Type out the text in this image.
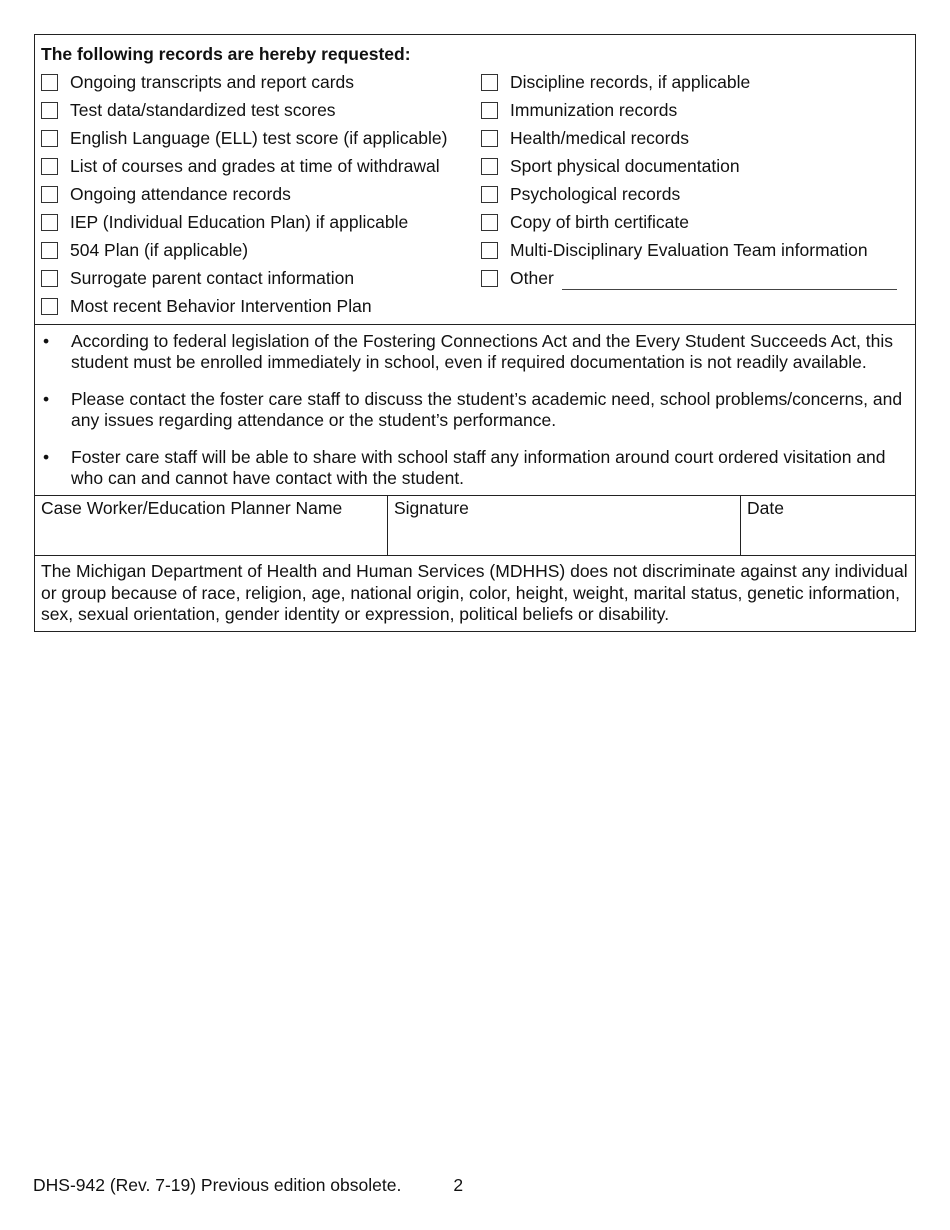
The following records are hereby requested:
Ongoing transcripts and report cards
Test data/standardized test scores
English Language (ELL) test score (if applicable)
List of courses and grades at time of withdrawal
Ongoing attendance records
IEP (Individual Education Plan) if applicable
504 Plan (if applicable)
Surrogate parent contact information
Most recent Behavior Intervention Plan
Discipline records, if applicable
Immunization records
Health/medical records
Sport physical documentation
Psychological records
Copy of birth certificate
Multi-Disciplinary Evaluation Team information
Other
•	According to federal legislation of the Fostering Connections Act and the Every Student Succeeds Act, this student must be enrolled immediately in school, even if required documentation is not readily available.
•	Please contact the foster care staff to discuss the student’s academic need, school problems/concerns, and any issues regarding attendance or the student’s performance.
•	Foster care staff will be able to share with school staff any information around court ordered visitation and who can and cannot have contact with the student.
Case Worker/Education Planner Name	Signature	Date
The Michigan Department of Health and Human Services (MDHHS) does not discriminate against any individual or group because of race, religion, age, national origin, color, height, weight, marital status, genetic information, sex, sexual orientation, gender identity or expression, political beliefs or disability.
DHS-942 (Rev. 7-19) Previous edition obsolete.	2
